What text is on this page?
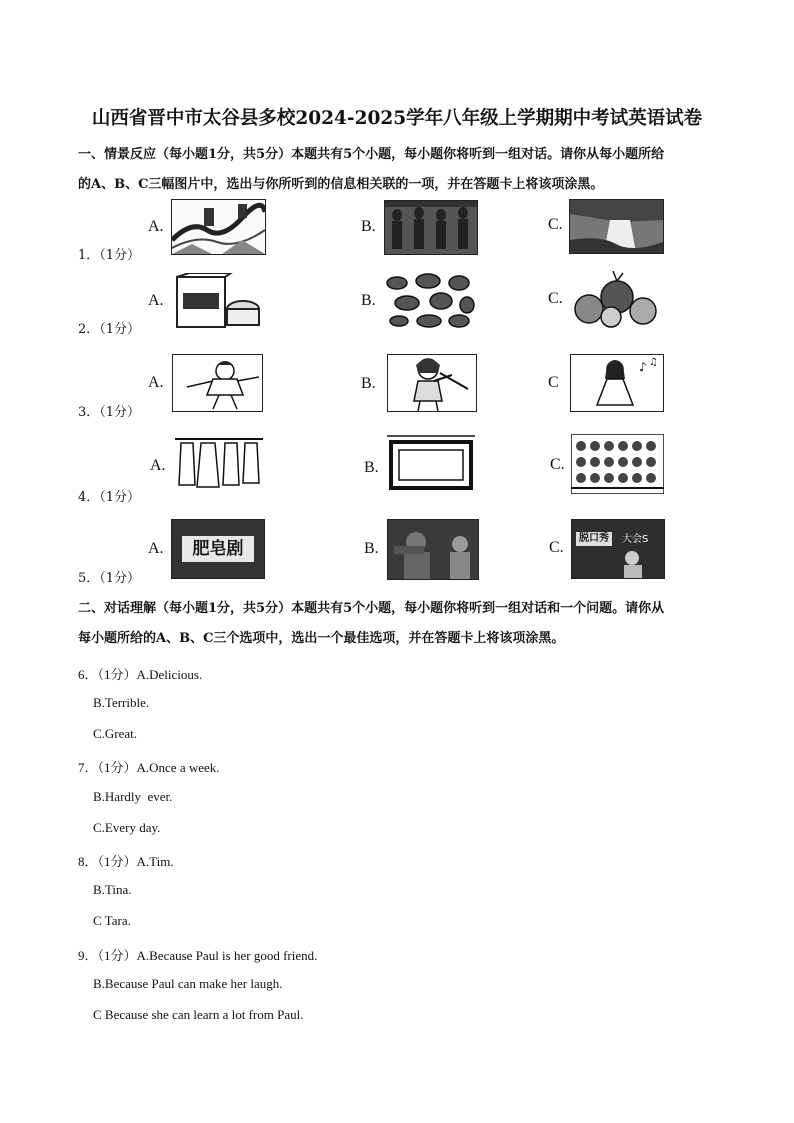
山西省晋中市太谷县多校2024-2025学年八年级上学期期中考试英语试卷
一、情景反应（每小题1分，共5分）本题共有5个小题，每小题你将听到一组对话。请你从每小题所给
的A、B、C三幅图片中，选出与你所听到的信息相关联的一项，并在答题卡上将该项涂黑。
1．（1分）
A.	B.	C.
2．（1分）
A.	B.	C.
3．（1分）
A.	B.	C
♪ ♫
4．（1分）
A.	B.	C.
5．（1分）
A.	肥皂剧	B.	C.
脱口秀	大会S
二、对话理解（每小题1分，共5分）本题共有5个小题，每小题你将听到一组对话和一个问题。请你从
每小题所给的A、B、C三个选项中，选出一个最佳选项，并在答题卡上将该项涂黑。
6．（1分）A.Delicious.
B.Terrible.
C.Great.
7．（1分）A.Once a week.
B.Hardly  ever.
C.Every day.
8．（1分）A.Tim.
B.Tina.
C Tara.
9．（1分）A.Because Paul is her good friend.
B.Because Paul can make her laugh.
C Because she can learn a lot from Paul.
